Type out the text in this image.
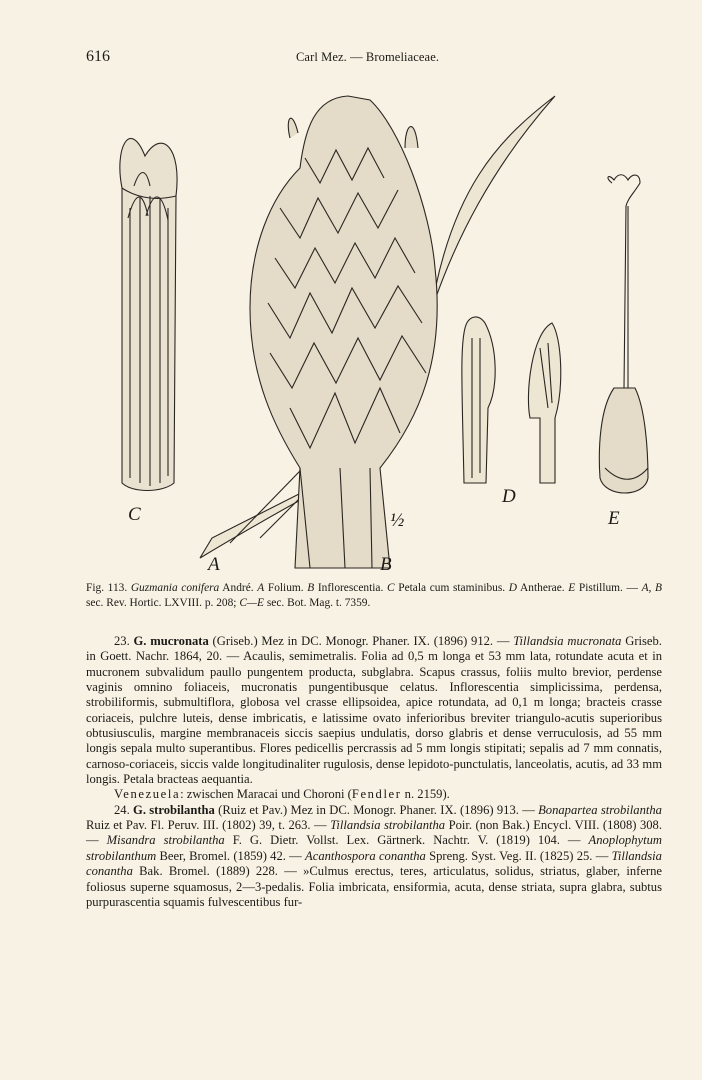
616	Carl Mez. — Bromeliaceae.
C
A	B
½
D
E

Fig. 113. Guzmania conifera André. A Folium. B Inflorescentia. C Petala cum staminibus. D Antherae. E Pistillum. — A, B sec. Rev. Hortic. LXVIII. p. 208; C—E sec. Bot. Mag. t. 7359.

23. G. mucronata (Griseb.) Mez in DC. Monogr. Phaner. IX. (1896) 912. — Tillandsia mucronata Griseb. in Goett. Nachr. 1864, 20. — Acaulis, semimetralis. Folia ad 0,5 m longa et 53 mm lata, rotundate acuta et in mucronem subvalidum paullo pungentem producta, subglabra. Scapus crassus, foliis multo brevior, perdense vaginis omnino foliaceis, mucronatis pungentibusque celatus. Inflorescentia simplicissima, perdensa, strobiliformis, submultiflora, globosa vel crasse ellipsoidea, apice rotundata, ad 0,1 m longa; bracteis crasse coriaceis, pulchre luteis, dense imbricatis, e latissime ovato inferioribus breviter triangulo-acutis superioribus obtusiusculis, margine membranaceis siccis saepius undulatis, dorso glabris et dense verruculosis, ad 55 mm longis sepala multo superantibus. Flores pedicellis percrassis ad 5 mm longis stipitati; sepalis ad 7 mm connatis, carnoso-coriaceis, siccis valde longitudinaliter rugulosis, dense lepidoto-punctulatis, lanceolatis, acutis, ad 33 mm longis. Petala bracteas aequantia.

Venezuela: zwischen Maracai und Choroni (Fendler n. 2159).

24. G. strobilantha (Ruiz et Pav.) Mez in DC. Monogr. Phaner. IX. (1896) 913. — Bonapartea strobilantha Ruiz et Pav. Fl. Peruv. III. (1802) 39, t. 263. — Tillandsia strobilantha Poir. (non Bak.) Encycl. VIII. (1808) 308. — Misandra strobilantha F. G. Dietr. Vollst. Lex. Gärtnerk. Nachtr. V. (1819) 104. — Anoplophytum strobilanthum Beer, Bromel. (1859) 42. — Acanthospora conantha Spreng. Syst. Veg. II. (1825) 25. — Tillandsia conantha Bak. Bromel. (1889) 228. — »Culmus erectus, teres, articulatus, solidus, striatus, glaber, inferne foliosus superne squamosus, 2—3-pedalis. Folia imbricata, ensiformia, acuta, dense striata, supra glabra, subtus purpurascentia squamis fulvescentibus fur-
